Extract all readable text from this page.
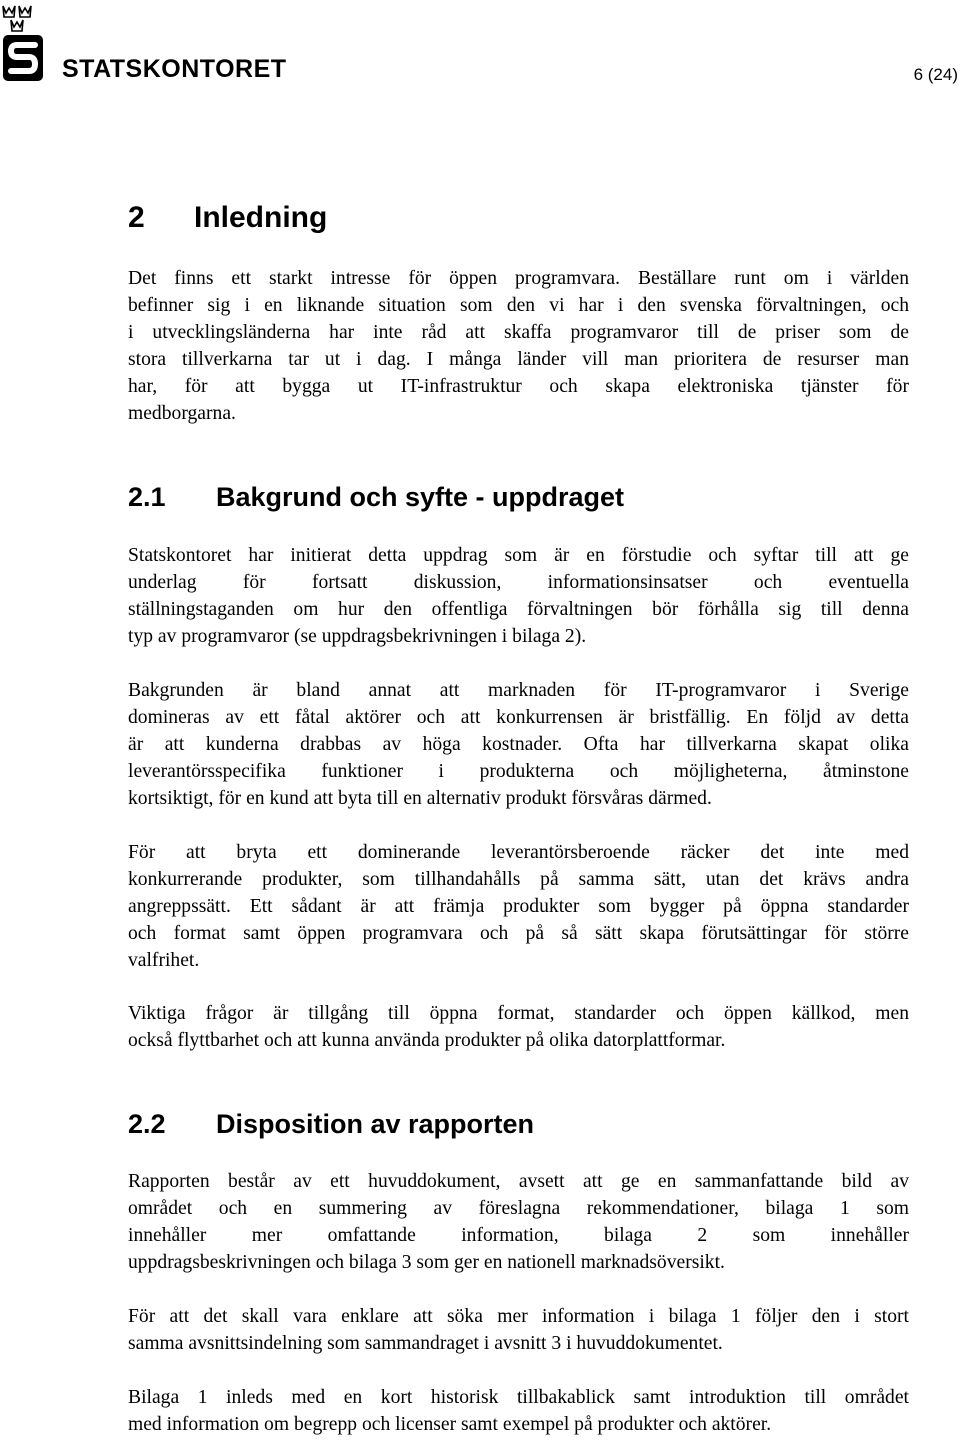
STATSKONTORET	6 (24)
2 Inledning
Det finns ett starkt intresse för öppen programvara. Beställare runt om i världen
befinner sig i en liknande situation som den vi har i den svenska förvaltningen, och
i utvecklingsländerna har inte råd att skaffa programvaror till de priser som de
stora tillverkarna tar ut i dag. I många länder vill man prioritera de resurser man
har, för att bygga ut IT-infrastruktur och skapa elektroniska tjänster för
medborgarna.
2.1 Bakgrund och syfte - uppdraget
Statskontoret har initierat detta uppdrag som är en förstudie och syftar till att ge
underlag för fortsatt diskussion, informationsinsatser och eventuella
ställningstaganden om hur den offentliga förvaltningen bör förhålla sig till denna
typ av programvaror (se uppdragsbekrivningen i bilaga 2).
Bakgrunden är bland annat att marknaden för IT-programvaror i Sverige
domineras av ett fåtal aktörer och att konkurrensen är bristfällig. En följd av detta
är att kunderna drabbas av höga kostnader. Ofta har tillverkarna skapat olika
leverantörsspecifika funktioner i produkterna och möjligheterna, åtminstone
kortsiktigt, för en kund att byta till en alternativ produkt försvåras därmed.
För att bryta ett dominerande leverantörsberoende räcker det inte med
konkurrerande produkter, som tillhandahålls på samma sätt, utan det krävs andra
angreppssätt. Ett sådant är att främja produkter som bygger på öppna standarder
och format samt öppen programvara och på så sätt skapa förutsättingar för större
valfrihet.
Viktiga frågor är tillgång till öppna format, standarder och öppen källkod, men
också flyttbarhet och att kunna använda produkter på olika datorplattformar.
2.2 Disposition av rapporten
Rapporten består av ett huvuddokument, avsett att ge en sammanfattande bild av
området och en summering av föreslagna rekommendationer, bilaga 1 som
innehåller mer omfattande information, bilaga 2 som innehåller
uppdragsbeskrivningen och bilaga 3 som ger en nationell marknadsöversikt.
För att det skall vara enklare att söka mer information i bilaga 1 följer den i stort
samma avsnittsindelning som sammandraget i avsnitt 3 i huvuddokumentet.
Bilaga 1 inleds med en kort historisk tillbakablick samt introduktion till området
med information om begrepp och licenser samt exempel på produkter och aktörer.
